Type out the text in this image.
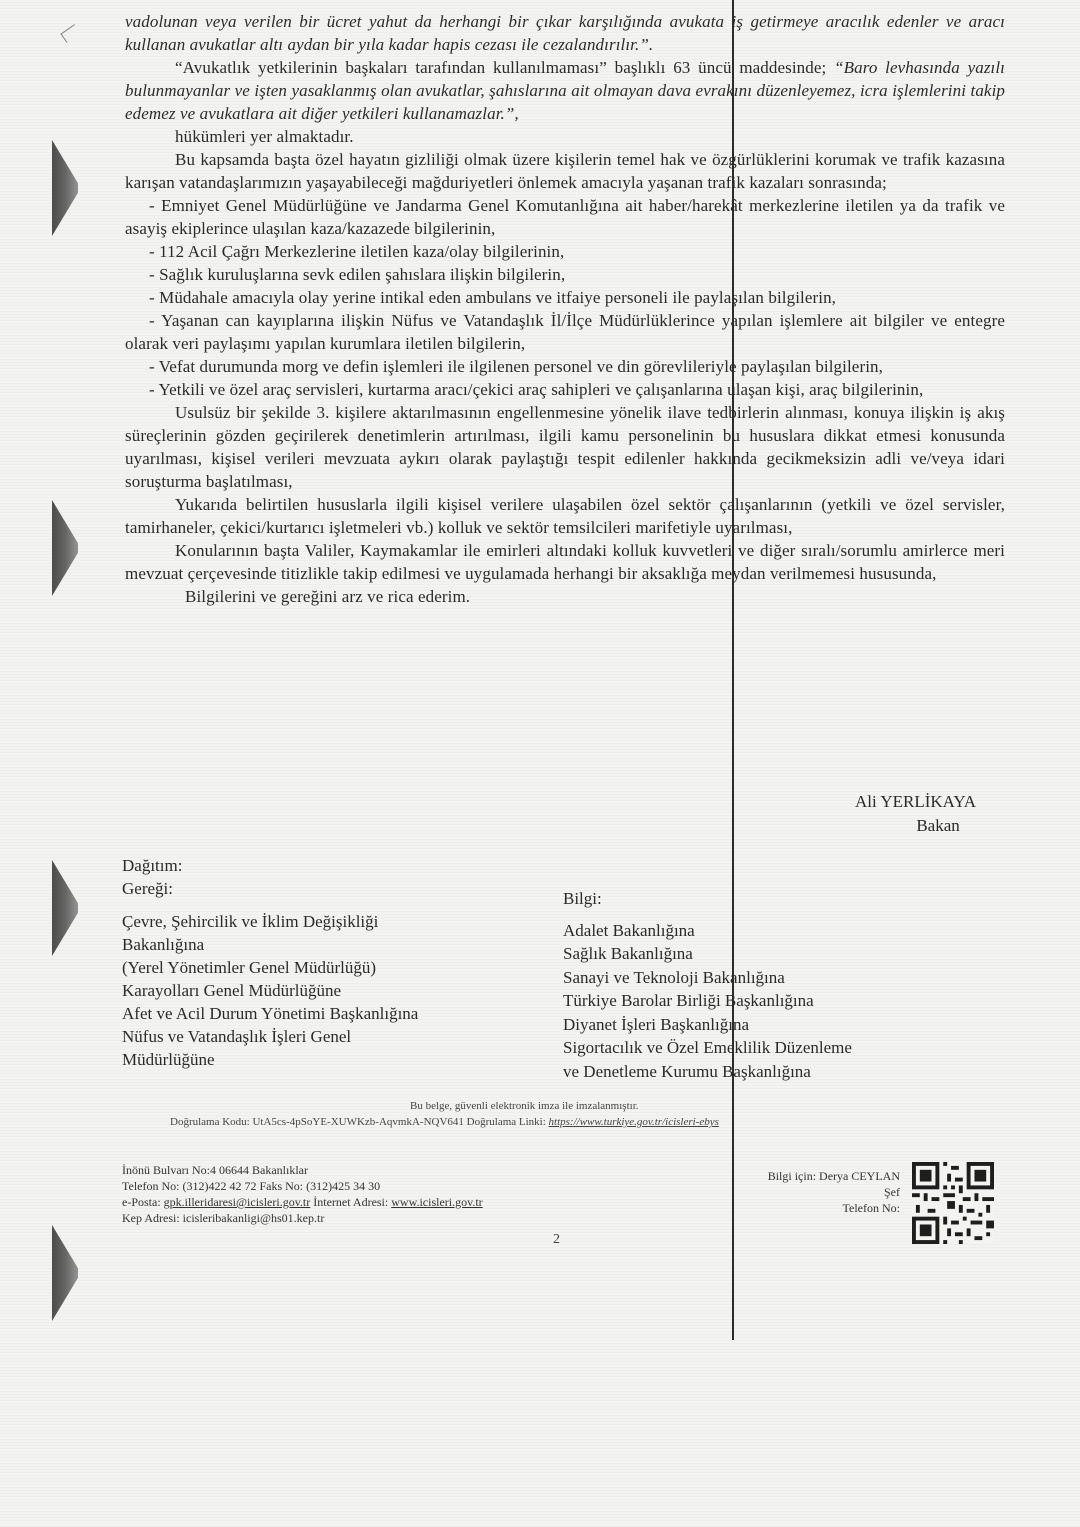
vadolunan veya verilen bir ücret yahut da herhangi bir çıkar karşılığında avukata iş getirmeye aracılık edenler ve aracı kullanan avukatlar altı aydan bir yıla kadar hapis cezası ile cezalandırılır.”.

“Avukatlık yetkilerinin başkaları tarafından kullanılmaması” başlıklı 63 üncü maddesinde; “Baro levhasında yazılı bulunmayanlar ve işten yasaklanmış olan avukatlar, şahıslarına ait olmayan dava evrakını düzenleyemez, icra işlemlerini takip edemez ve avukatlara ait diğer yetkileri kullanamazlar.”,

hükümleri yer almaktadır.

Bu kapsamda başta özel hayatın gizliliği olmak üzere kişilerin temel hak ve özgürlüklerini korumak ve trafik kazasına karışan vatandaşlarımızın yaşayabileceği mağduriyetleri önlemek amacıyla yaşanan trafik kazaları sonrasında;

- Emniyet Genel Müdürlüğüne ve Jandarma Genel Komutanlığına ait haber/harekât merkezlerine iletilen ya da trafik ve asayiş ekiplerince ulaşılan kaza/kazazede bilgilerinin,

- 112 Acil Çağrı Merkezlerine iletilen kaza/olay bilgilerinin,

- Sağlık kuruluşlarına sevk edilen şahıslara ilişkin bilgilerin,

- Müdahale amacıyla olay yerine intikal eden ambulans ve itfaiye personeli ile paylaşılan bilgilerin,

- Yaşanan can kayıplarına ilişkin Nüfus ve Vatandaşlık İl/İlçe Müdürlüklerince yapılan işlemlere ait bilgiler ve entegre olarak veri paylaşımı yapılan kurumlara iletilen bilgilerin,

- Vefat durumunda morg ve defin işlemleri ile ilgilenen personel ve din görevlileriyle paylaşılan bilgilerin,

- Yetkili ve özel araç servisleri, kurtarma aracı/çekici araç sahipleri ve çalışanlarına ulaşan kişi, araç bilgilerinin,

Usulsüz bir şekilde 3. kişilere aktarılmasının engellenmesine yönelik ilave tedbirlerin alınması, konuya ilişkin iş akış süreçlerinin gözden geçirilerek denetimlerin artırılması, ilgili kamu personelinin bu hususlara dikkat etmesi konusunda uyarılması, kişisel verileri mevzuata aykırı olarak paylaştığı tespit edilenler hakkında gecikmeksizin adli ve/veya idari soruşturma başlatılması,

Yukarıda belirtilen hususlarla ilgili kişisel verilere ulaşabilen özel sektör çalışanlarının (yetkili ve özel servisler, tamirhaneler, çekici/kurtarıcı işletmeleri vb.) kolluk ve sektör temsilcileri marifetiyle uyarılması,

Konularının başta Valiler, Kaymakamlar ile emirleri altındaki kolluk kuvvetleri ve diğer sıralı/sorumlu amirlerce meri mevzuat çerçevesinde titizlikle takip edilmesi ve uygulamada herhangi bir aksaklığa meydan verilmemesi hususunda,

Bilgilerini ve gereğini arz ve rica ederim.

Ali YERLİKAYA
Bakan
Dağıtım:
Gereği:
Çevre, Şehircilik ve İklim Değişikliği
Bakanlığına
(Yerel Yönetimler Genel Müdürlüğü)
Karayolları Genel Müdürlüğüne
Afet ve Acil Durum Yönetimi Başkanlığına
Nüfus ve Vatandaşlık İşleri Genel
Müdürlüğüne
Bilgi:
Adalet Bakanlığına
Sağlık Bakanlığına
Sanayi ve Teknoloji Bakanlığına
Türkiye Barolar Birliği Başkanlığına
Diyanet İşleri Başkanlığına
Sigortacılık ve Özel Emeklilik Düzenleme
ve Denetleme Kurumu Başkanlığına
Bu belge, güvenli elektronik imza ile imzalanmıştır.
Doğrulama Kodu: UtA5cs-4pSoYE-XUWKzb-AqvmkA-NQV641 Doğrulama Linki: https://www.turkiye.gov.tr/icisleri-ebys
İnönü Bulvarı No:4 06644 Bakanlıklar
Telefon No: (312)422 42 72 Faks No: (312)425 34 30
e-Posta: gpk.illeridaresi@icisleri.gov.tr İnternet Adresi: www.icisleri.gov.tr
Kep Adresi: icisleribakanligi@hs01.kep.tr
Bilgi için: Derya CEYLAN
Şef
Telefon No:
2
